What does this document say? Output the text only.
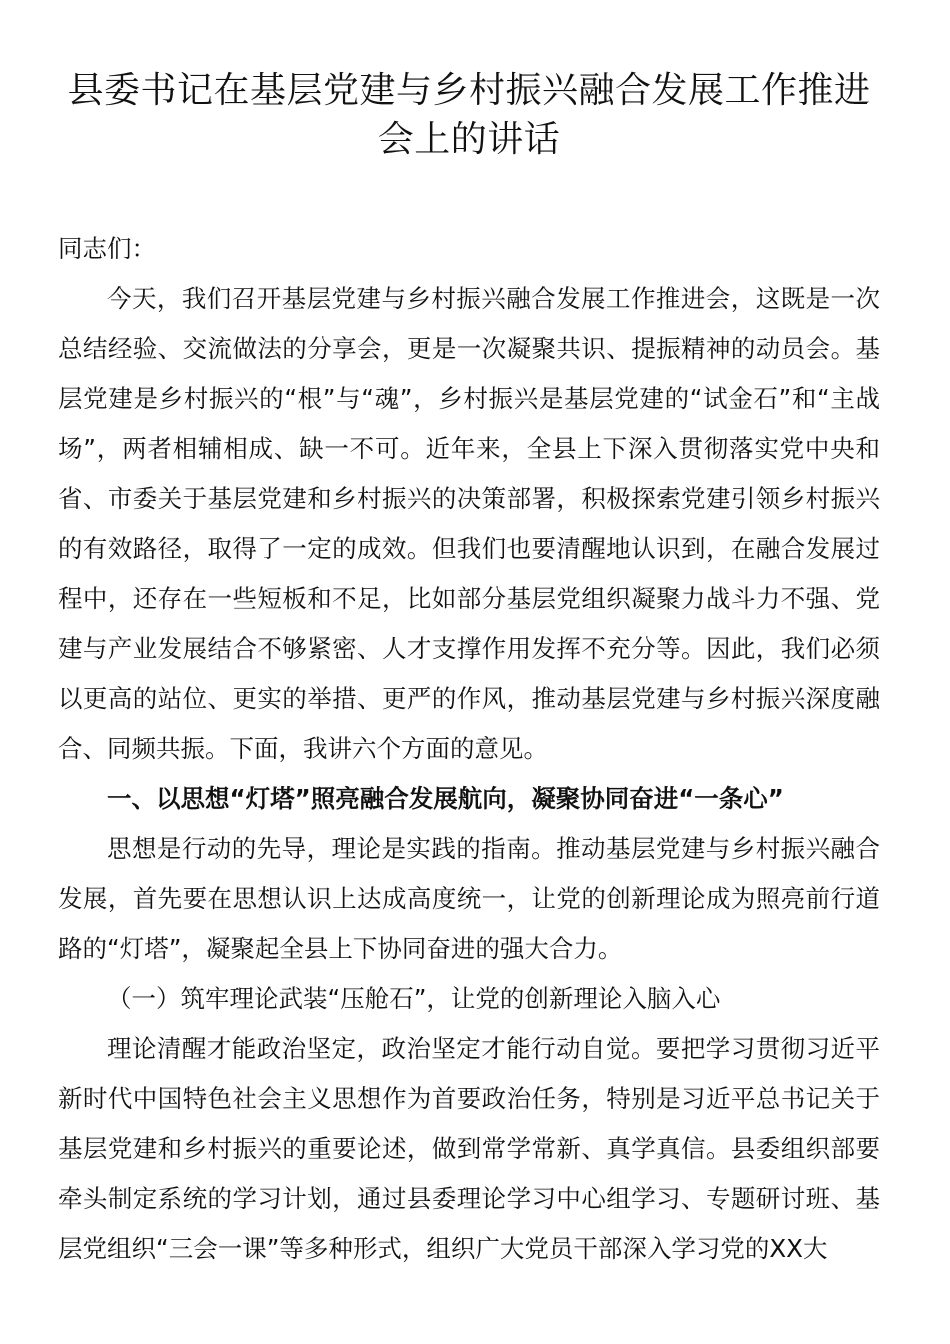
县委书记在基层党建与乡村振兴融合发展工作推进会上的讲话

同志们：

今天，我们召开基层党建与乡村振兴融合发展工作推进会，这既是一次总结经验、交流做法的分享会，更是一次凝聚共识、提振精神的动员会。基层党建是乡村振兴的“根”与“魂”，乡村振兴是基层党建的“试金石”和“主战场”，两者相辅相成、缺一不可。近年来，全县上下深入贯彻落实党中央和省、市委关于基层党建和乡村振兴的决策部署，积极探索党建引领乡村振兴的有效路径，取得了一定的成效。但我们也要清醒地认识到，在融合发展过程中，还存在一些短板和不足，比如部分基层党组织凝聚力战斗力不强、党建与产业发展结合不够紧密、人才支撑作用发挥不充分等。因此，我们必须以更高的站位、更实的举措、更严的作风，推动基层党建与乡村振兴深度融合、同频共振。下面，我讲六个方面的意见。

一、以思想“灯塔”照亮融合发展航向，凝聚协同奋进“一条心”

思想是行动的先导，理论是实践的指南。推动基层党建与乡村振兴融合发展，首先要在思想认识上达成高度统一，让党的创新理论成为照亮前行道路的“灯塔”，凝聚起全县上下协同奋进的强大合力。

（一）筑牢理论武装“压舱石”，让党的创新理论入脑入心

理论清醒才能政治坚定，政治坚定才能行动自觉。要把学习贯彻习近平新时代中国特色社会主义思想作为首要政治任务，特别是习近平总书记关于基层党建和乡村振兴的重要论述，做到常学常新、真学真信。县委组织部要牵头制定系统的学习计划，通过县委理论学习中心组学习、专题研讨班、基层党组织“三会一课”等多种形式，组织广大党员干部深入学习党的XX大
